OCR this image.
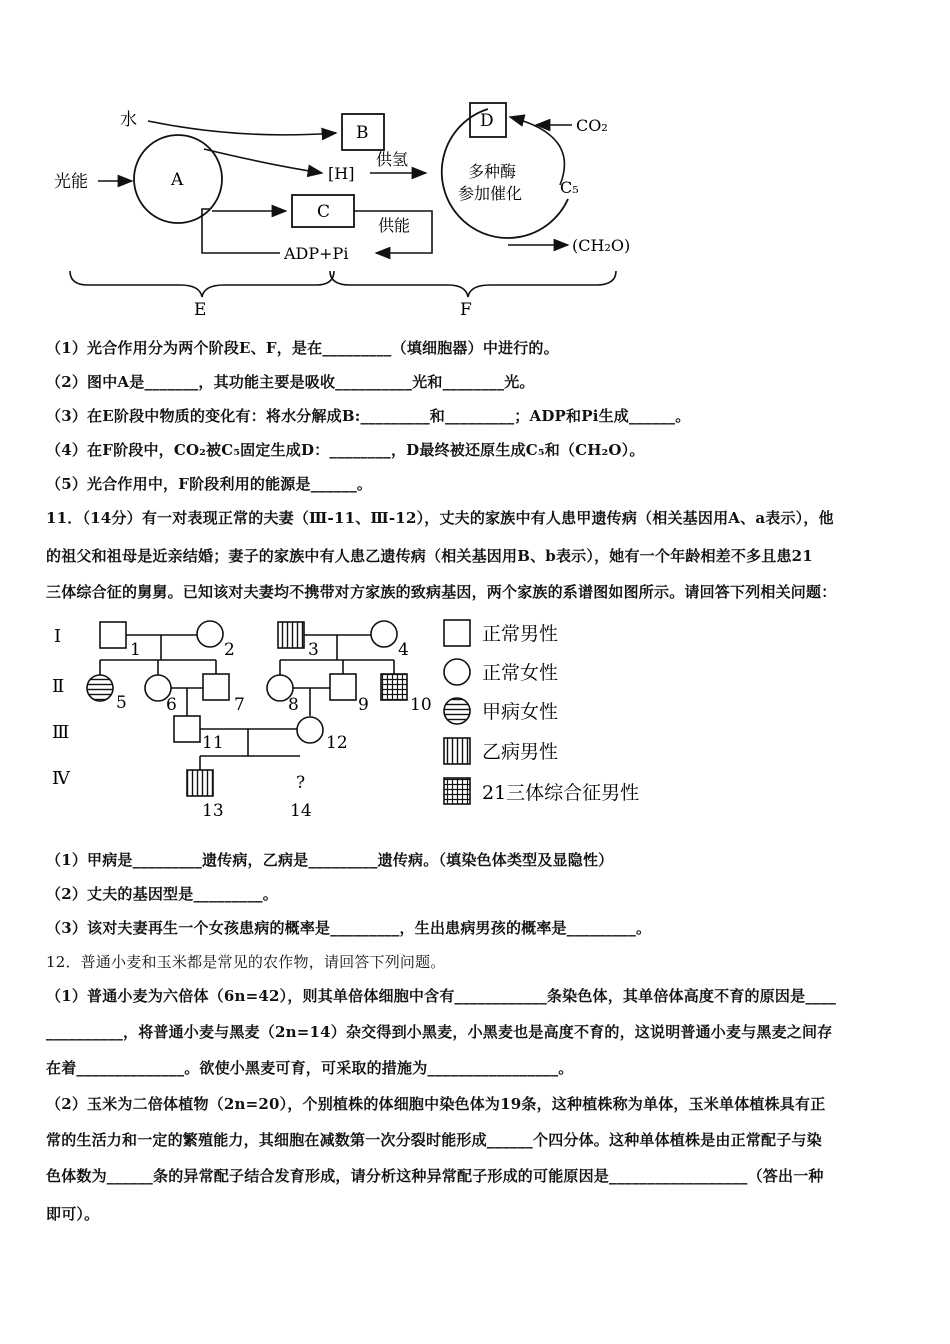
水
光能	A
B
[H]
供氢
C
供能
ADP+Pi
D	CO₂
多种酶
参加催化 C₅
(CH₂O)
E	F
（1）光合作用分为两个阶段E、F，是在_________（填细胞器）中进行的。
（2）图中A是_______，其功能主要是吸收__________光和________光。
（3）在E阶段中物质的变化有：将水分解成B:_________和_________；ADP和Pi生成______。
（4）在F阶段中，CO₂被C₅固定生成D：________，D最终被还原生成C₅和（CH₂O）。
（5）光合作用中，F阶段利用的能源是______。
11．（14分）有一对表现正常的夫妻（Ⅲ-11、Ⅲ-12），丈夫的家族中有人患甲遗传病（相关基因用A、a表示），他
的祖父和祖母是近亲结婚；妻子的家族中有人患乙遗传病（相关基因用B、b表示），她有一个年龄相差不多且患21
三体综合征的舅舅。已知该对夫妻均不携带对方家族的致病基因，两个家族的系谱图如图所示。请回答下列相关问题：
Ⅰ
Ⅱ
Ⅲ
Ⅳ
1	2	3	4
5 6	7	8	9 10
11	12
13
?
14
正常男性
正常女性
甲病女性
乙病男性
21三体综合征男性
（1）甲病是_________遗传病，乙病是_________遗传病。（填染色体类型及显隐性）
（2）丈夫的基因型是_________。
（3）该对夫妻再生一个女孩患病的概率是_________，生出患病男孩的概率是_________。
12．普通小麦和玉米都是常见的农作物，请回答下列问题。
（1）普通小麦为六倍体（6n=42），则其单倍体细胞中含有____________条染色体，其单倍体高度不育的原因是____
__________，将普通小麦与黑麦（2n=14）杂交得到小黑麦，小黑麦也是高度不育的，这说明普通小麦与黑麦之间存
在着______________。欲使小黑麦可育，可采取的措施为_________________。
（2）玉米为二倍体植物（2n=20），个别植株的体细胞中染色体为19条，这种植株称为单体，玉米单体植株具有正
常的生活力和一定的繁殖能力，其细胞在减数第一次分裂时能形成______个四分体。这种单体植株是由正常配子与染
色体数为______条的异常配子结合发育形成，请分析这种异常配子形成的可能原因是__________________（答出一种
即可）。
